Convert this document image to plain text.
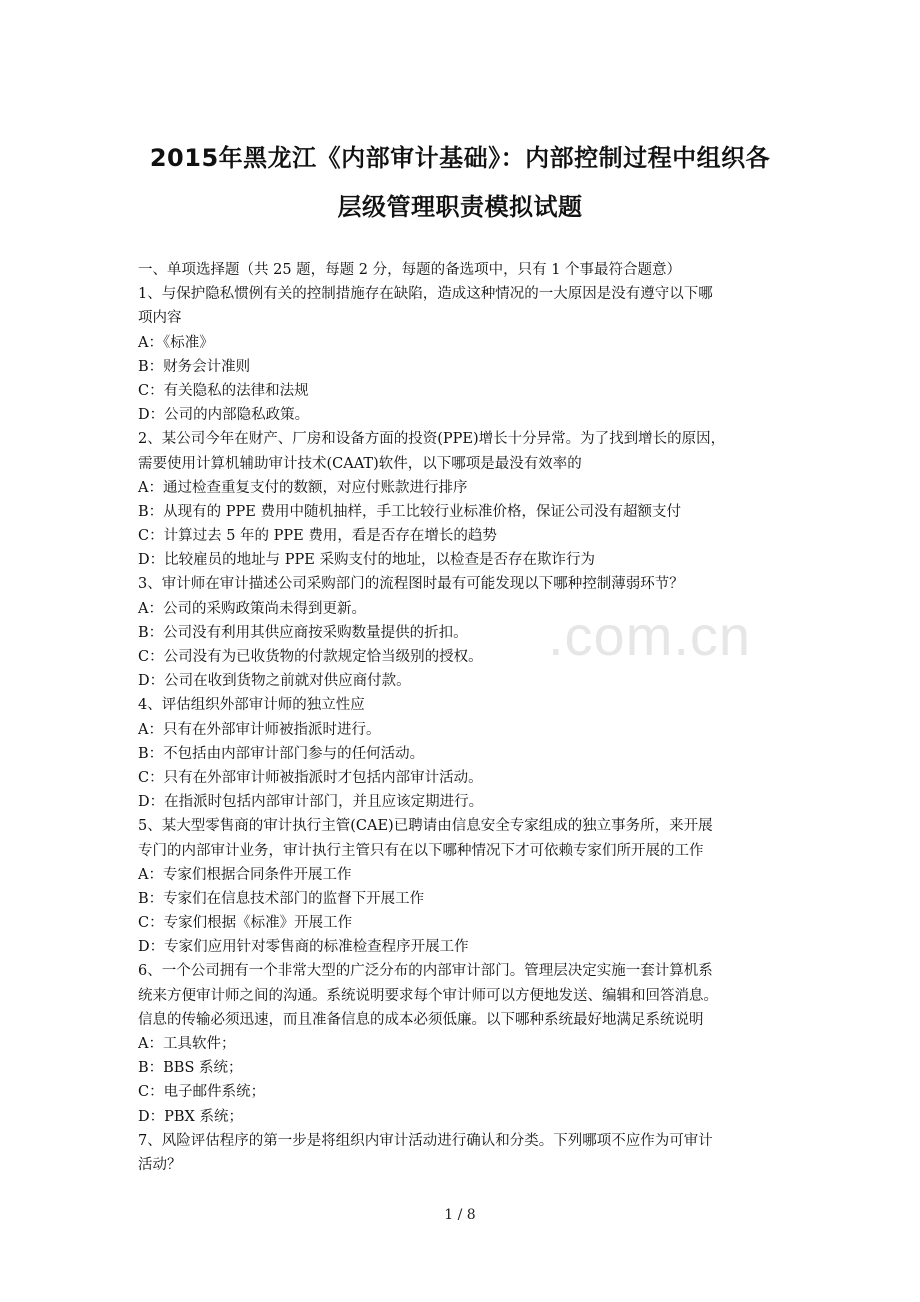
.com.cn
2015年黑龙江《内部审计基础》：内部控制过程中组织各
层级管理职责模拟试题
一、单项选择题（共 25 题，每题 2 分，每题的备选项中，只有 1 个事最符合题意）
1、与保护隐私惯例有关的控制措施存在缺陷，造成这种情况的一大原因是没有遵守以下哪
项内容
A：《标准》
B：财务会计准则
C：有关隐私的法律和法规
D：公司的内部隐私政策。
2、某公司今年在财产、厂房和设备方面的投资(PPE)增长十分异常。为了找到增长的原因，
需要使用计算机辅助审计技术(CAAT)软件，以下哪项是最没有效率的
A：通过检查重复支付的数额，对应付账款进行排序
B：从现有的 PPE 费用中随机抽样，手工比较行业标准价格，保证公司没有超额支付
C：计算过去 5 年的 PPE 费用，看是否存在增长的趋势
D：比较雇员的地址与 PPE 采购支付的地址，以检查是否存在欺诈行为
3、审计师在审计描述公司采购部门的流程图时最有可能发现以下哪种控制薄弱环节？
A：公司的采购政策尚未得到更新。
B：公司没有利用其供应商按采购数量提供的折扣。
C：公司没有为已收货物的付款规定恰当级别的授权。
D：公司在收到货物之前就对供应商付款。
4、评估组织外部审计师的独立性应
A：只有在外部审计师被指派时进行。
B：不包括由内部审计部门参与的任何活动。
C：只有在外部审计师被指派时才包括内部审计活动。
D：在指派时包括内部审计部门，并且应该定期进行。
5、某大型零售商的审计执行主管(CAE)已聘请由信息安全专家组成的独立事务所，来开展
专门的内部审计业务，审计执行主管只有在以下哪种情况下才可依赖专家们所开展的工作
A：专家们根据合同条件开展工作
B：专家们在信息技术部门的监督下开展工作
C：专家们根据《标准》开展工作
D：专家们应用针对零售商的标准检查程序开展工作
6、一个公司拥有一个非常大型的广泛分布的内部审计部门。管理层决定实施一套计算机系
统来方便审计师之间的沟通。系统说明要求每个审计师可以方便地发送、编辑和回答消息。
信息的传输必须迅速，而且准备信息的成本必须低廉。以下哪种系统最好地满足系统说明
A：工具软件；
B：BBS 系统；
C：电子邮件系统；
D：PBX 系统；
7、风险评估程序的第一步是将组织内审计活动进行确认和分类。下列哪项不应作为可审计
活动？
1 / 8
